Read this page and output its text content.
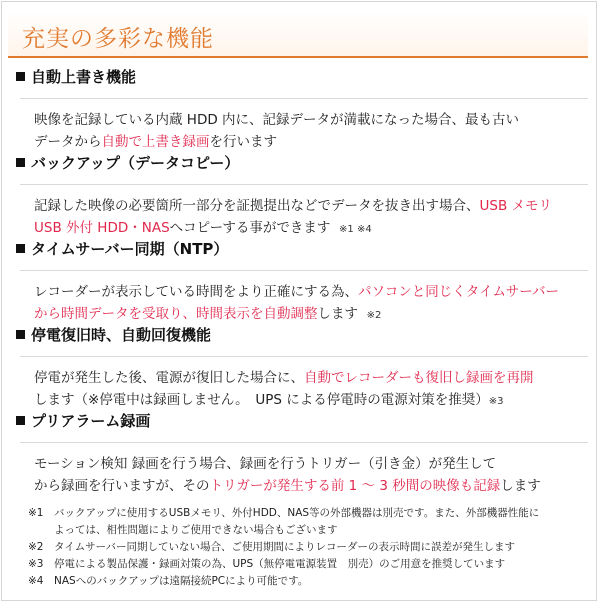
充実の多彩な機能
自動上書き機能
映像を記録している内蔵 HDD 内に、記録データが満載になった場合、最も古い
データから自動で上書き録画を行います
バックアップ（データコピー）
記録した映像の必要箇所一部分を証拠提出などでデータを抜き出す場合、USB メモリ
USB 外付 HDD・NASへコピーする事ができます ※1 ※4
タイムサーバー同期（NTP）
レコーダーが表示している時間をより正確にする為、パソコンと同じくタイムサーバー
から時間データを受取り、時間表示を自動調整します ※2
停電復旧時、自動回復機能
停電が発生した後、電源が復旧した場合に、自動でレコーダーも復旧し録画を再開
します（※停電中は録画しません。　UPS による停電時の電源対策を推奨）※3
プリアラーム録画
モーション検知 録画を行う場合、録画を行うトリガー（引き金）が発生して
から録画を行いますが、そのトリガーが発生する前 1 ～ 3 秒間の映像も記録します
※1	バックアップに使用するUSBメモリ、外付HDD、NAS等の外部機器は別売です。また、外部機器性能に
よっては、相性問題によりご使用できない場合もございます
※2	タイムサーバー同期していない場合、ご使用期間によりレコーダーの表示時間に誤差が発生します
※3	停電による製品保護・録画対策の為、UPS（無停電電源装置　別売）のご用意を推奨しています
※4	NASへのバックアップは遠隔接続PCにより可能です。
